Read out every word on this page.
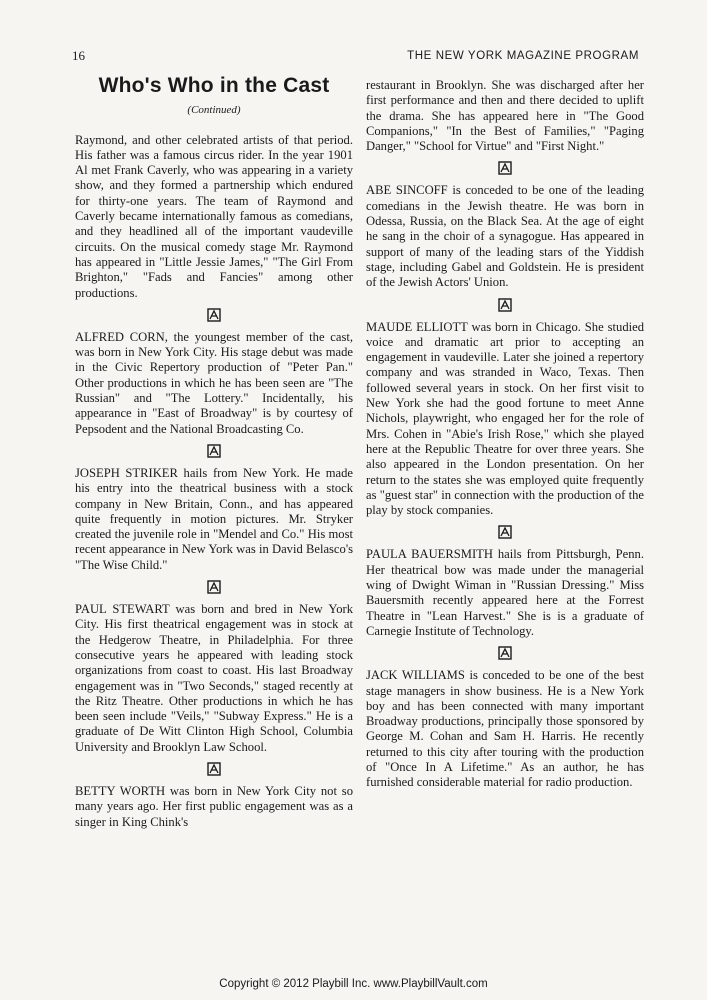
16	THE NEW YORK MAGAZINE PROGRAM
Who's Who in the Cast
(Continued)

Raymond, and other celebrated artists of that period. His father was a famous circus rider. In the year 1901 Al met Frank Caverly, who was appearing in a variety show, and they formed a partnership which endured for thirty-one years. The team of Raymond and Caverly became internationally famous as comedians, and they headlined all of the important vaudeville circuits. On the musical comedy stage Mr. Raymond has appeared in "Little Jessie James," "The Girl From Brighton," "Fads and Fancies" among other productions.

ALFRED CORN, the youngest member of the cast, was born in New York City. His stage debut was made in the Civic Repertory production of "Peter Pan." Other productions in which he has been seen are "The Russian" and "The Lottery." Incidentally, his appearance in "East of Broadway" is by courtesy of Pepsodent and the National Broadcasting Co.

JOSEPH STRIKER hails from New York. He made his entry into the theatrical business with a stock company in New Britain, Conn., and has appeared quite frequently in motion pictures. Mr. Stryker created the juvenile role in "Mendel and Co." His most recent appearance in New York was in David Belasco's "The Wise Child."

PAUL STEWART was born and bred in New York City. His first theatrical engagement was in stock at the Hedgerow Theatre, in Philadelphia. For three consecutive years he appeared with leading stock organizations from coast to coast. His last Broadway engagement was in "Two Seconds," staged recently at the Ritz Theatre. Other productions in which he has been seen include "Veils," "Subway Express." He is a graduate of De Witt Clinton High School, Columbia University and Brooklyn Law School.

BETTY WORTH was born in New York City not so many years ago. Her first public engagement was as a singer in King Chink's

restaurant in Brooklyn. She was discharged after her first performance and then and there decided to uplift the drama. She has appeared here in "The Good Companions," "In the Best of Families," "Paging Danger," "School for Virtue" and "First Night."

ABE SINCOFF is conceded to be one of the leading comedians in the Jewish theatre. He was born in Odessa, Russia, on the Black Sea. At the age of eight he sang in the choir of a synagogue. Has appeared in support of many of the leading stars of the Yiddish stage, including Gabel and Goldstein. He is president of the Jewish Actors' Union.

MAUDE ELLIOTT was born in Chicago. She studied voice and dramatic art prior to accepting an engagement in vaudeville. Later she joined a repertory company and was stranded in Waco, Texas. Then followed several years in stock. On her first visit to New York she had the good fortune to meet Anne Nichols, playwright, who engaged her for the role of Mrs. Cohen in "Abie's Irish Rose," which she played here at the Republic Theatre for over three years. She also appeared in the London presentation. On her return to the states she was employed quite frequently as "guest star" in connection with the production of the play by stock companies.

PAULA BAUERSMITH hails from Pittsburgh, Penn. Her theatrical bow was made under the managerial wing of Dwight Wiman in "Russian Dressing." Miss Bauersmith recently appeared here at the Forrest Theatre in "Lean Harvest." She is is a graduate of Carnegie Institute of Technology.

JACK WILLIAMS is conceded to be one of the best stage managers in show business. He is a New York boy and has been connected with many important Broadway productions, principally those sponsored by George M. Cohan and Sam H. Harris. He recently returned to this city after touring with the production of "Once In A Lifetime." As an author, he has furnished considerable material for radio production.

Copyright © 2012 Playbill Inc. www.PlaybillVault.com
